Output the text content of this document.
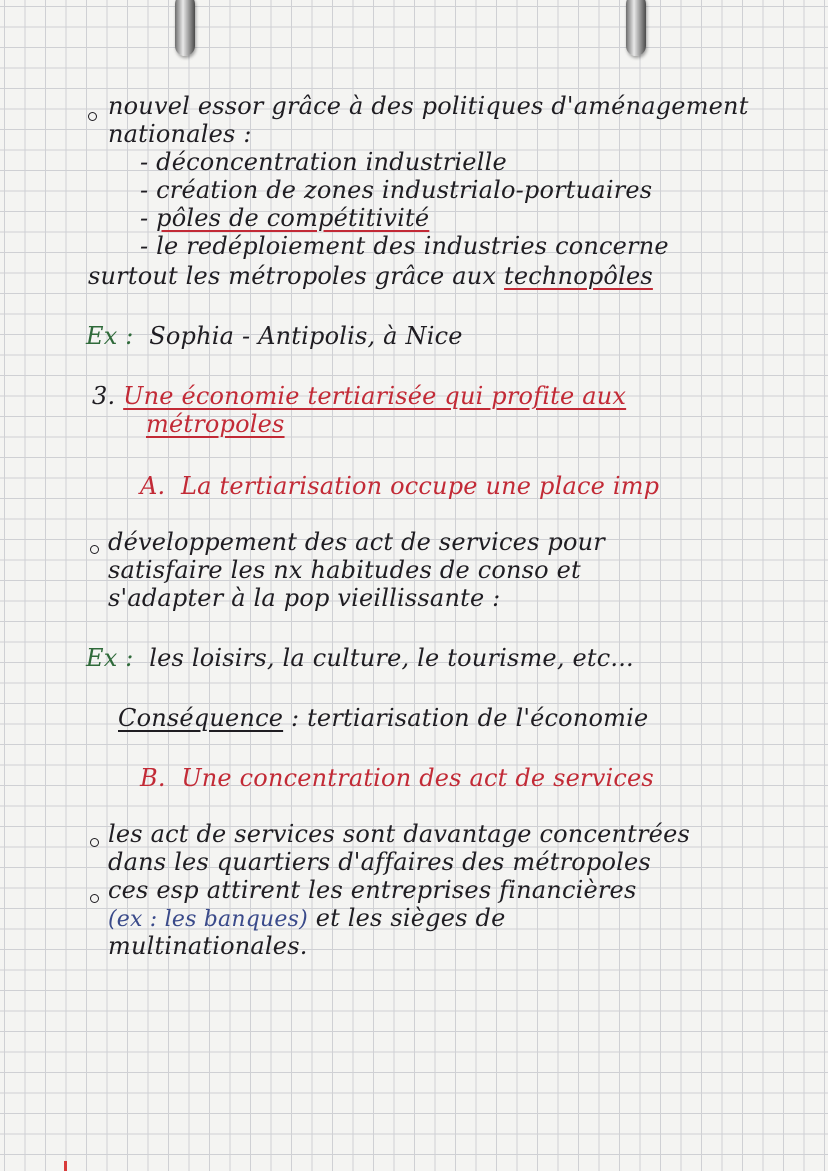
nouvel essor grâce à des politiques d'aménagement
nationales :
- déconcentration industrielle
- création de zones industrialo-portuaires
- pôles de compétitivité
- le redéploiement des industries concerne
surtout les métropoles grâce aux technopôles
Ex : Sophia - Antipolis, à Nice
3. Une économie tertiarisée qui profite aux
métropoles
A. La tertiarisation occupe une place imp
développement des act de services pour
satisfaire les nx habitudes de conso et
s'adapter à la pop vieillissante :
Ex : les loisirs, la culture, le tourisme, etc...
Conséquence : tertiarisation de l'économie
B. Une concentration des act de services
les act de services sont davantage concentrées
dans les quartiers d'affaires des métropoles
ces esp attirent les entreprises financières
(ex : les banques) et les sièges de
multinationales.
